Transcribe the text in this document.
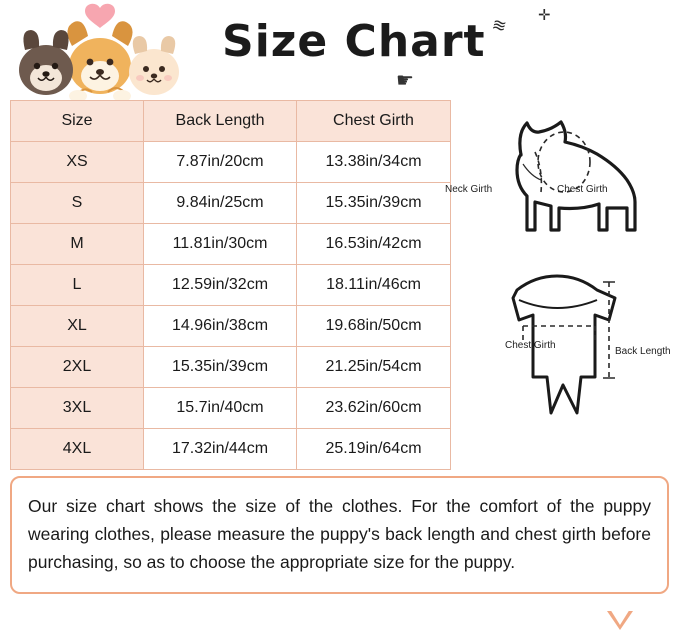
Size Chart ≋ ✛
☛
Size	Back Length	Chest Girth
XS	7.87in/20cm	13.38in/34cm
S	9.84in/25cm	15.35in/39cm
M	11.81in/30cm	16.53in/42cm
L	12.59in/32cm	18.11in/46cm
XL	14.96in/38cm	19.68in/50cm
2XL	15.35in/39cm	21.25in/54cm
3XL	15.7in/40cm	23.62in/60cm
4XL	17.32in/44cm	25.19in/64cm
Neck Girth	Chest Girth
Chest Girth
Back Length
Our size chart shows the size of the clothes. For the comfort of the puppy wearing clothes, please measure the puppy's back length and chest girth before purchasing, so as to choose the appropriate size for the puppy.
